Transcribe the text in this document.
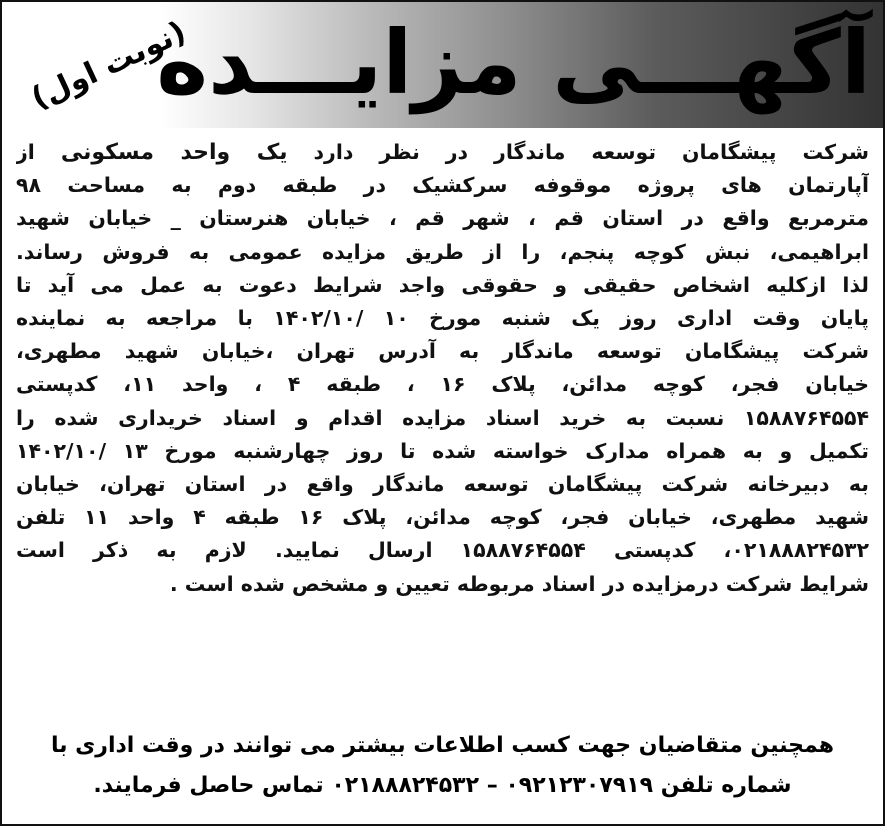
(نوبت اول)
آگهـــی مزایـــده
شرکت پیشگامان توسعه ماندگار در نظر دارد یک واحد مسکونی از
آپارتمان های پروژه موقوفه سرکشیک در طبقه دوم به مساحت ۹۸
مترمربع واقع در استان قم ، شهر قم ، خیابان هنرستان _ خیابان شهید
ابراهیمی، نبش کوچه پنجم، را از طریق مزایده عمومی به فروش رساند.
لذا ازکلیه اشخاص حقیقی و حقوقی واجد شرایط دعوت به عمل می آید تا
پایان وقت اداری روز یک شنبه مورخ ۱۰ /۱۴۰۲/۱۰ با مراجعه به نماینده
شرکت پیشگامان توسعه ماندگار به آدرس تهران ،خیابان شهید مطهری،
خیابان فجر، کوچه مدائن، پلاک ۱۶ ، طبقه ۴ ، واحد ۱۱، کدپستی
۱۵۸۸۷۶۴۵۵۴ نسبت به خرید اسناد مزایده اقدام و اسناد خریداری شده را
تکمیل و به همراه مدارک خواسته شده تا روز چهارشنبه مورخ ۱۳ /۱۴۰۲/۱۰
به دبیرخانه شرکت پیشگامان توسعه ماندگار واقع در استان تهران، خیابان
شهید مطهری، خیابان فجر، کوچه مدائن، پلاک ۱۶ طبقه ۴ واحد ۱۱ تلفن
۰۲۱۸۸۸۲۴۵۳۲، کدپستی ۱۵۸۸۷۶۴۵۵۴ ارسال نمایید. لازم به ذکر است
شرایط شرکت درمزایده در اسناد مربوطه تعیین و مشخص شده است .
همچنین متقاضیان جهت کسب اطلاعات بیشتر می توانند در وقت اداری با
شماره تلفن ۰۹۲۱۲۳۰۷۹۱۹ – ۰۲۱۸۸۸۲۴۵۳۲ تماس حاصل فرمایند.
